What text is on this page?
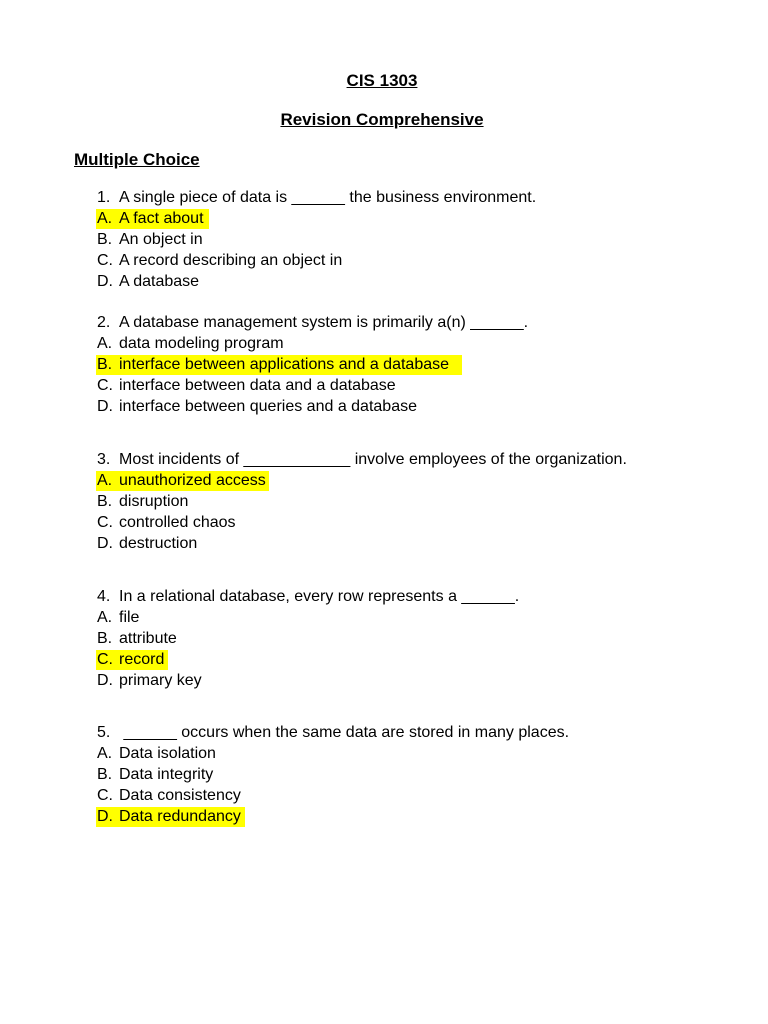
CIS 1303
Revision Comprehensive
Multiple Choice
1. A single piece of data is ______ the business environment.
A. A fact about
B. An object in
C. A record describing an object in
D. A database
2. A database management system is primarily a(n) ______.
A. data modeling program
B. interface between applications and a database
C. interface between data and a database
D. interface between queries and a database
3. Most incidents of ____________ involve employees of the organization.
A. unauthorized access
B. disruption
C. controlled chaos
D. destruction
4. In a relational database, every row represents a ______.
A. file
B. attribute
C. record
D. primary key
5. ______ occurs when the same data are stored in many places.
A. Data isolation
B. Data integrity
C. Data consistency
D. Data redundancy
